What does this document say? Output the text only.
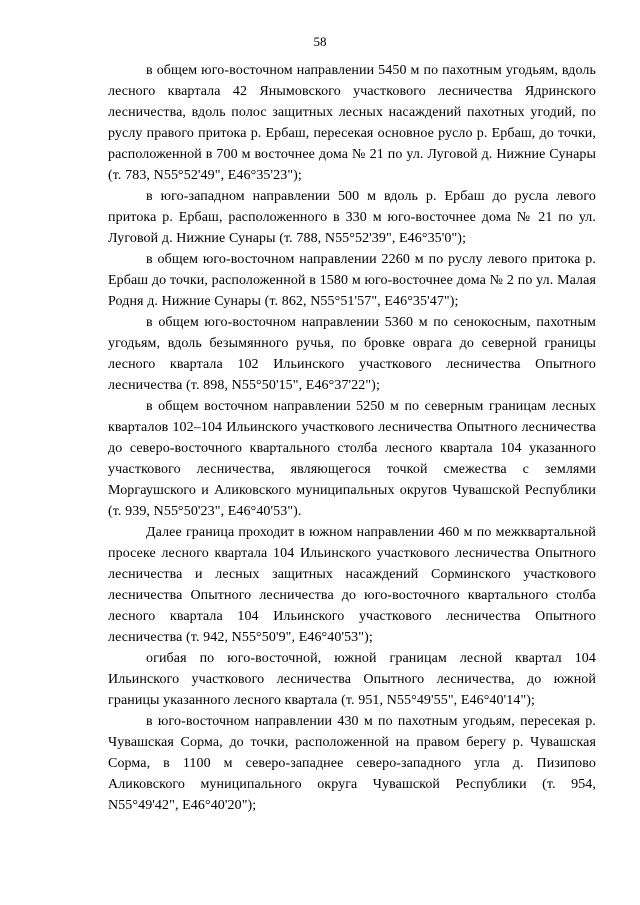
58

в общем юго-восточном направлении 5450 м по пахотным угодьям, вдоль лесного квартала 42 Янымовского участкового лесничества Ядринского лесничества, вдоль полос защитных лесных насаждений пахотных угодий, по руслу правого притока р. Ербаш, пересекая основное русло р. Ербаш, до точки, расположенной в 700 м восточнее дома № 21 по ул. Луговой д. Нижние Сунары (т. 783, N55°52'49", E46°35'23");

в юго-западном направлении 500 м вдоль р. Ербаш до русла левого притока р. Ербаш, расположенного в 330 м юго-восточнее дома № 21 по ул. Луговой д. Нижние Сунары (т. 788, N55°52'39", E46°35'0");

в общем юго-восточном направлении 2260 м по руслу левого притока р. Ербаш до точки, расположенной в 1580 м юго-восточнее дома № 2 по ул. Малая Родня д. Нижние Сунары (т. 862, N55°51'57", E46°35'47");

в общем юго-восточном направлении 5360 м по сенокосным, пахотным угодьям, вдоль безымянного ручья, по бровке оврага до северной границы лесного квартала 102 Ильинского участкового лесничества Опытного лесничества (т. 898, N55°50'15", E46°37'22");

в общем восточном направлении 5250 м по северным границам лесных кварталов 102–104 Ильинского участкового лесничества Опытного лесничества до северо-восточного квартального столба лесного квартала 104 указанного участкового лесничества, являющегося точкой смежества с землями Моргаушского и Аликовского муниципальных округов Чувашской Республики (т. 939, N55°50'23", E46°40'53").

Далее граница проходит в южном направлении 460 м по межквартальной просеке лесного квартала 104 Ильинского участкового лесничества Опытного лесничества и лесных защитных насаждений Сорминского участкового лесничества Опытного лесничества до юго-восточного квартального столба лесного квартала 104 Ильинского участкового лесничества Опытного лесничества (т. 942, N55°50'9", E46°40'53");

огибая по юго-восточной, южной границам лесной квартал 104 Ильинского участкового лесничества Опытного лесничества, до южной границы указанного лесного квартала (т. 951, N55°49'55", E46°40'14");

в юго-восточном направлении 430 м по пахотным угодьям, пересекая р. Чувашская Сорма, до точки, расположенной на правом берегу р. Чувашская Сорма, в 1100 м северо-западнее северо-западного угла д. Пизипово Аликовского муниципального округа Чувашской Республики (т. 954, N55°49'42", E46°40'20");
